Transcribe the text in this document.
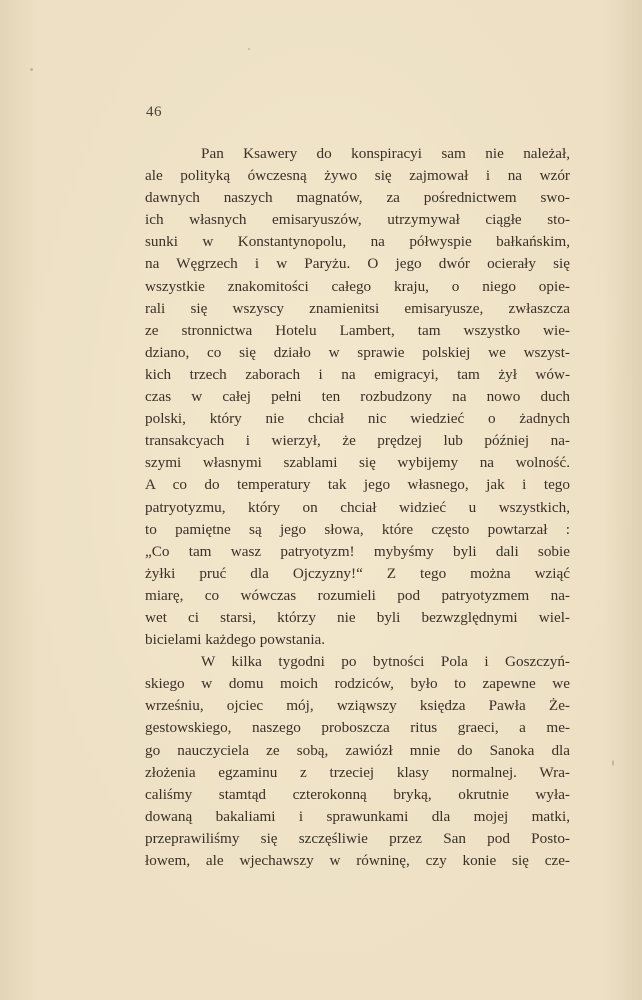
46
Pan Ksawery do konspiracyi sam nie należał,
ale polityką ówczesną żywo się zajmował i na wzór
dawnych naszych magnatów, za pośrednictwem swo-
ich własnych emisaryuszów, utrzymywał ciągłe sto-
sunki w Konstantynopolu, na półwyspie bałkańskim,
na Węgrzech i w Paryżu. O jego dwór ocierały się
wszystkie znakomitości całego kraju, o niego opie-
rali się wszyscy znamienitsi emisaryusze, zwłaszcza
ze stronnictwa Hotelu Lambert, tam wszystko wie-
dziano, co się działo w sprawie polskiej we wszyst-
kich trzech zaborach i na emigracyi, tam żył wów-
czas w całej pełni ten rozbudzony na nowo duch
polski, który nie chciał nic wiedzieć o żadnych
transakcyach i wierzył, że prędzej lub później na-
szymi własnymi szablami się wybijemy na wolność.
A co do temperatury tak jego własnego, jak i tego
patryotyzmu, który on chciał widzieć u wszystkich,
to pamiętne są jego słowa, które często powtarzał :
„Co tam wasz patryotyzm! mybyśmy byli dali sobie
żyłki pruć dla Ojczyzny!“ Z tego można wziąć
miarę, co wówczas rozumieli pod patryotyzmem na-
wet ci starsi, którzy nie byli bezwzględnymi wiel-
bicielami każdego powstania.
W kilka tygodni po bytności Pola i Goszczyń-
skiego w domu moich rodziców, było to zapewne we
wrześniu, ojciec mój, wziąwszy księdza Pawła Że-
gestowskiego, naszego proboszcza ritus graeci, a me-
go nauczyciela ze sobą, zawiózł mnie do Sanoka dla
złożenia egzaminu z trzeciej klasy normalnej. Wra-
caliśmy stamtąd czterokonną bryką, okrutnie wyła-
dowaną bakaliami i sprawunkami dla mojej matki,
przeprawiliśmy się szczęśliwie przez San pod Posto-
łowem, ale wjechawszy w równinę, czy konie się cze-
